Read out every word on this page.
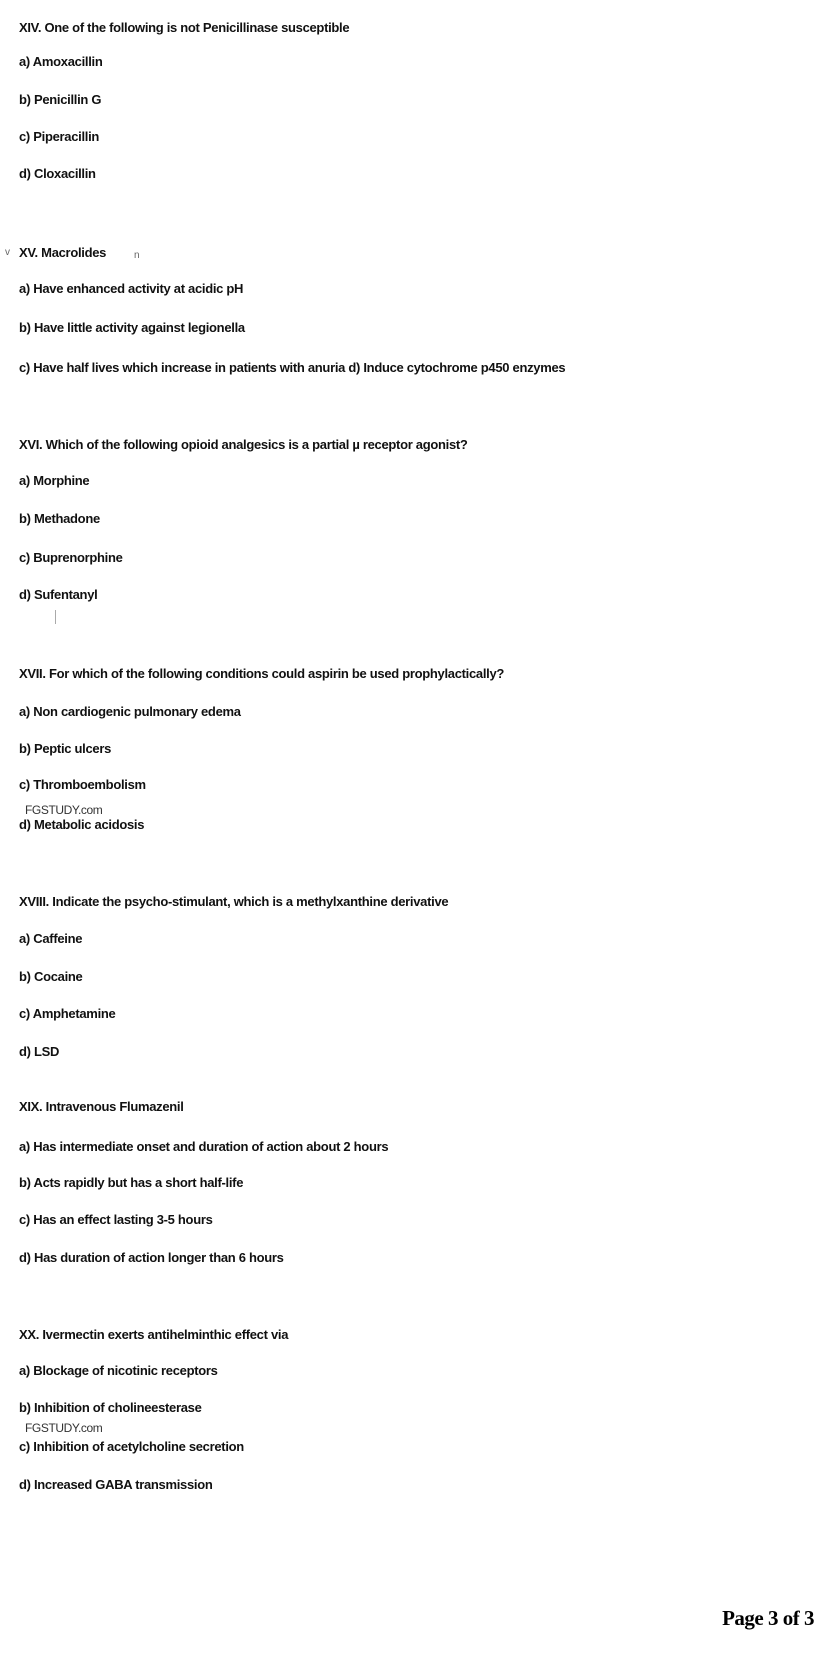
v	n
FGSTUDY.com
FGSTUDY.com
Page 3 of 3
XIV. One of the following is not Penicillinase susceptible
a) Amoxacillin
b) Penicillin G
c) Piperacillin
d) Cloxacillin
XV. Macrolides
a) Have enhanced activity at acidic pH
b) Have little activity against legionella
c) Have half lives which increase in patients with anuria d) Induce cytochrome p450 enzymes
XVI. Which of the following opioid analgesics is a partial µ receptor agonist?
a) Morphine
b) Methadone
c) Buprenorphine
d) Sufentanyl
XVII. For which of the following conditions could aspirin be used prophylactically?
a) Non cardiogenic pulmonary edema
b) Peptic ulcers
c) Thromboembolism
d) Metabolic acidosis
XVIII. Indicate the psycho-stimulant, which is a methylxanthine derivative
a) Caffeine
b) Cocaine
c) Amphetamine
d) LSD
XIX. Intravenous Flumazenil
a) Has intermediate onset and duration of action about 2 hours
b) Acts rapidly but has a short half-life
c) Has an effect lasting 3-5 hours
d) Has duration of action longer than 6 hours
XX. Ivermectin exerts antihelminthic effect via
a) Blockage of nicotinic receptors
b) Inhibition of cholineesterase
c) Inhibition of acetylcholine secretion
d) Increased GABA transmission
